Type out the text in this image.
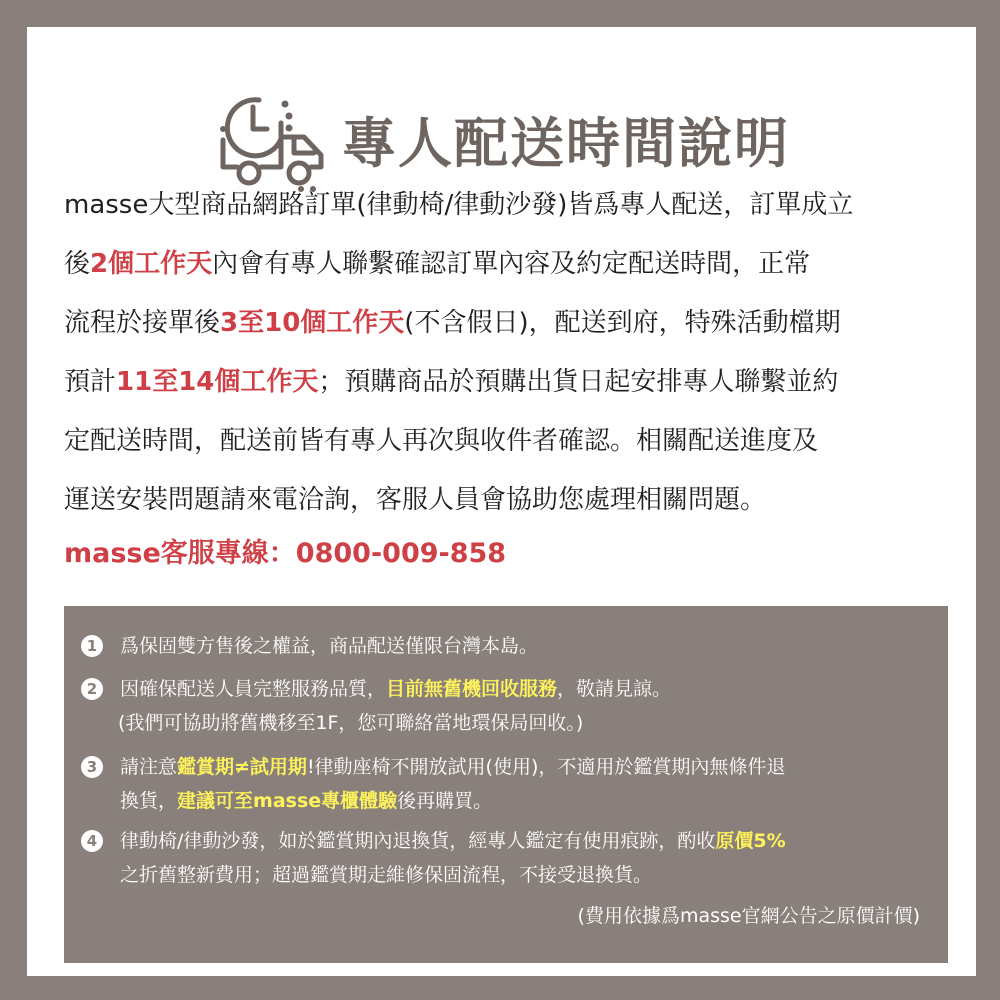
專人配送時間說明
masse大型商品網路訂單(律動椅/律動沙發)皆爲專人配送，訂單成立
後2個工作天內會有專人聯繫確認訂單內容及約定配送時間，正常
流程於接單後3至10個工作天(不含假日)，配送到府，特殊活動檔期
預計11至14個工作天；預購商品於預購出貨日起安排專人聯繫並約
定配送時間，配送前皆有專人再次與收件者確認。相關配送進度及
運送安裝問題請來電洽詢，客服人員會協助您處理相關問題。
masse客服專線：0800-009-858
1	爲保固雙方售後之權益，商品配送僅限台灣本島。
2	因確保配送人員完整服務品質，目前無舊機回收服務，敬請見諒。
(我們可協助將舊機移至1F，您可聯絡當地環保局回收。)
3	請注意鑑賞期≠試用期!律動座椅不開放試用(使用)，不適用於鑑賞期內無條件退
換貨，建議可至masse專櫃體驗後再購買。
4	律動椅/律動沙發，如於鑑賞期內退換貨，經專人鑑定有使用痕跡，酌收原價5%
之折舊整新費用；超過鑑賞期走維修保固流程，不接受退換貨。
(費用依據爲masse官網公告之原價計價)
